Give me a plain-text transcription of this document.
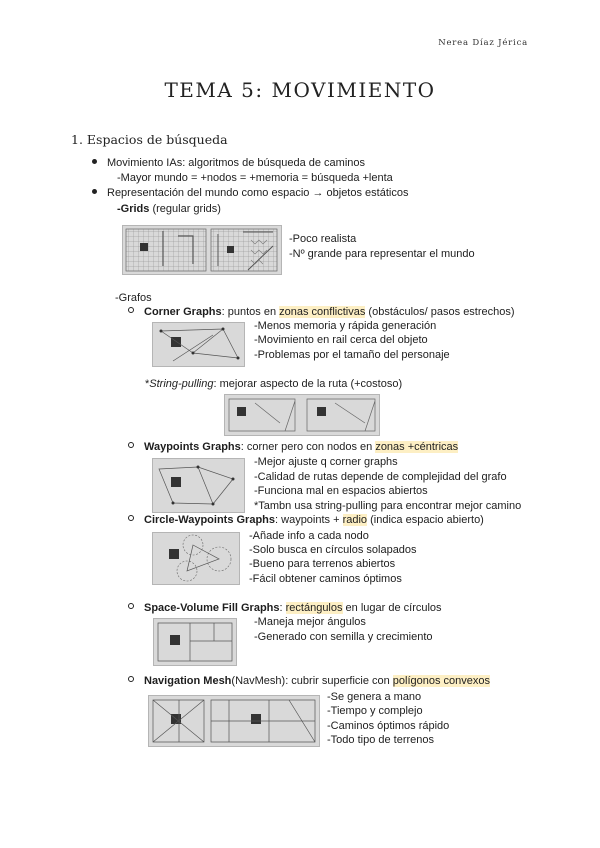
Nerea Díaz Jérica
TEMA 5: MOVIMIENTO
1. Espacios de búsqueda
Movimiento IAs: algoritmos de búsqueda de caminos
-Mayor mundo = +nodos = +memoria = búsqueda +lenta
Representación del mundo como espacio → objetos estáticos
-Grids (regular grids)
-Poco realista
-Nº grande para representar el mundo
-Grafos
Corner Graphs: puntos en zonas conflictivas (obstáculos/ pasos estrechos)
-Menos memoria y rápida generación
-Movimiento en rail cerca del objeto
-Problemas por el tamaño del personaje
*String-pulling: mejorar aspecto de la ruta (+costoso)
Waypoints Graphs: corner pero con nodos en zonas +céntricas
-Mejor ajuste q corner graphs
-Calidad de rutas depende de complejidad del grafo
-Funciona mal en espacios abiertos
*Tambn usa string-pulling para encontrar mejor camino
Circle-Waypoints Graphs: waypoints + radio (indica espacio abierto)
-Añade info a cada nodo
-Solo busca en círculos solapados
-Bueno para terrenos abiertos
-Fácil obtener caminos óptimos
Space-Volume Fill Graphs: rectángulos en lugar de círculos
-Maneja mejor ángulos
-Generado con semilla y crecimiento
Navigation Mesh(NavMesh): cubrir superficie con polígonos convexos
-Se genera a mano
-Tiempo y complejo
-Caminos óptimos rápido
-Todo tipo de terrenos
